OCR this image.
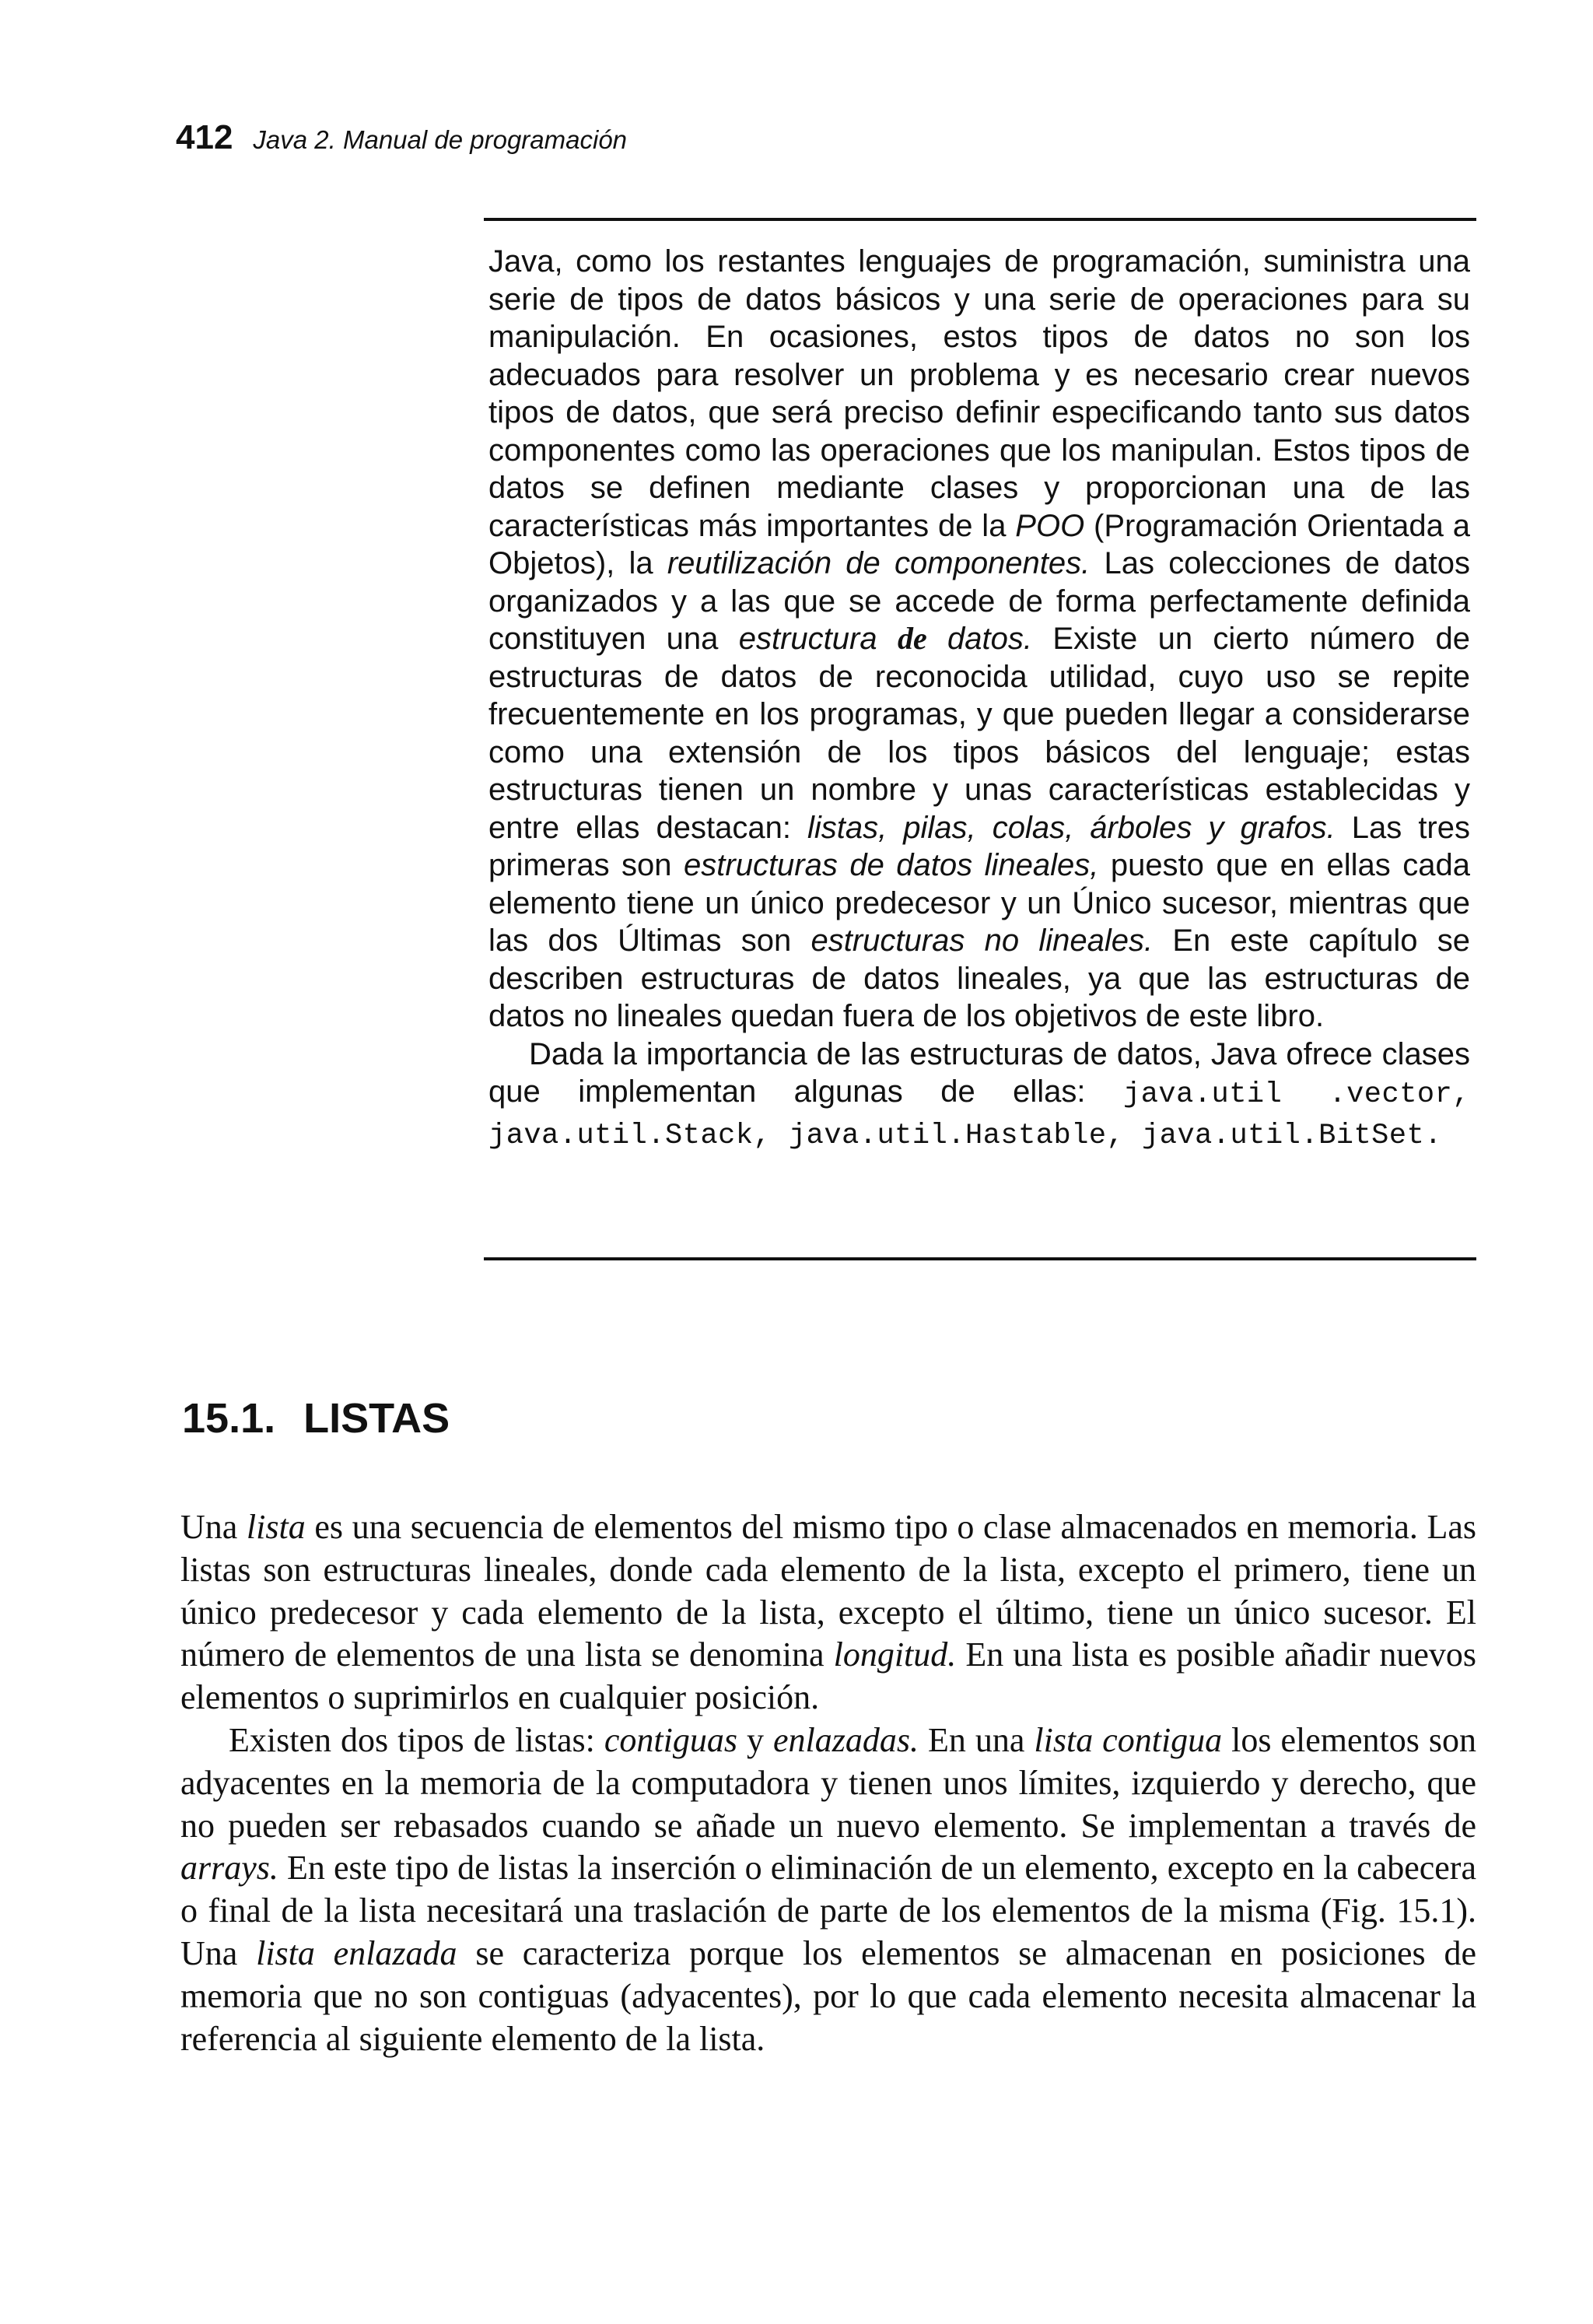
412 Java 2. Manual de programación

Java, como los restantes lenguajes de programación, suministra una serie de tipos de datos básicos y una serie de operaciones para su manipulación. En ocasiones, estos tipos de datos no son los adecuados para resolver un problema y es necesario crear nuevos tipos de datos, que será preciso definir especificando tanto sus datos componentes como las operaciones que los manipulan. Estos tipos de datos se definen mediante clases y proporcionan una de las características más importantes de la POO (Programación Orientada a Objetos), la reutilización de componentes. Las colecciones de datos organizados y a las que se accede de forma perfectamente definida constituyen una estructura de datos. Existe un cierto número de estructuras de datos de reconocida utilidad, cuyo uso se repite frecuentemente en los programas, y que pueden llegar a considerarse como una extensión de los tipos básicos del lenguaje; estas estructuras tienen un nombre y unas características establecidas y entre ellas destacan: listas, pilas, colas, árboles y grafos. Las tres primeras son estructuras de datos lineales, puesto que en ellas cada elemento tiene un único predecesor y un Único sucesor, mientras que las dos Últimas son estructuras no lineales. En este capítulo se describen estructuras de datos lineales, ya que las estructuras de datos no lineales quedan fuera de los objetivos de este libro.

Dada la importancia de las estructuras de datos, Java ofrece clases que implementan algunas de ellas: java.util .vector, java.util.Stack, java.util.Hastable, java.util.BitSet.

15.1. LISTAS

Una lista es una secuencia de elementos del mismo tipo o clase almacenados en memoria. Las listas son estructuras lineales, donde cada elemento de la lista, excepto el primero, tiene un único predecesor y cada elemento de la lista, excepto el último, tiene un único sucesor. El número de elementos de una lista se denomina longitud. En una lista es posible añadir nuevos elementos o suprimirlos en cualquier posición.

Existen dos tipos de listas: contiguas y enlazadas. En una lista contigua los elementos son adyacentes en la memoria de la computadora y tienen unos límites, izquierdo y derecho, que no pueden ser rebasados cuando se añade un nuevo elemento. Se implementan a través de arrays. En este tipo de listas la inserción o eliminación de un elemento, excepto en la cabecera o final de la lista necesitará una traslación de parte de los elementos de la misma (Fig. 15.1). Una lista enlazada se caracteriza porque los elementos se almacenan en posiciones de memoria que no son contiguas (adyacentes), por lo que cada elemento necesita almacenar la referencia al siguiente elemento de la lista.
